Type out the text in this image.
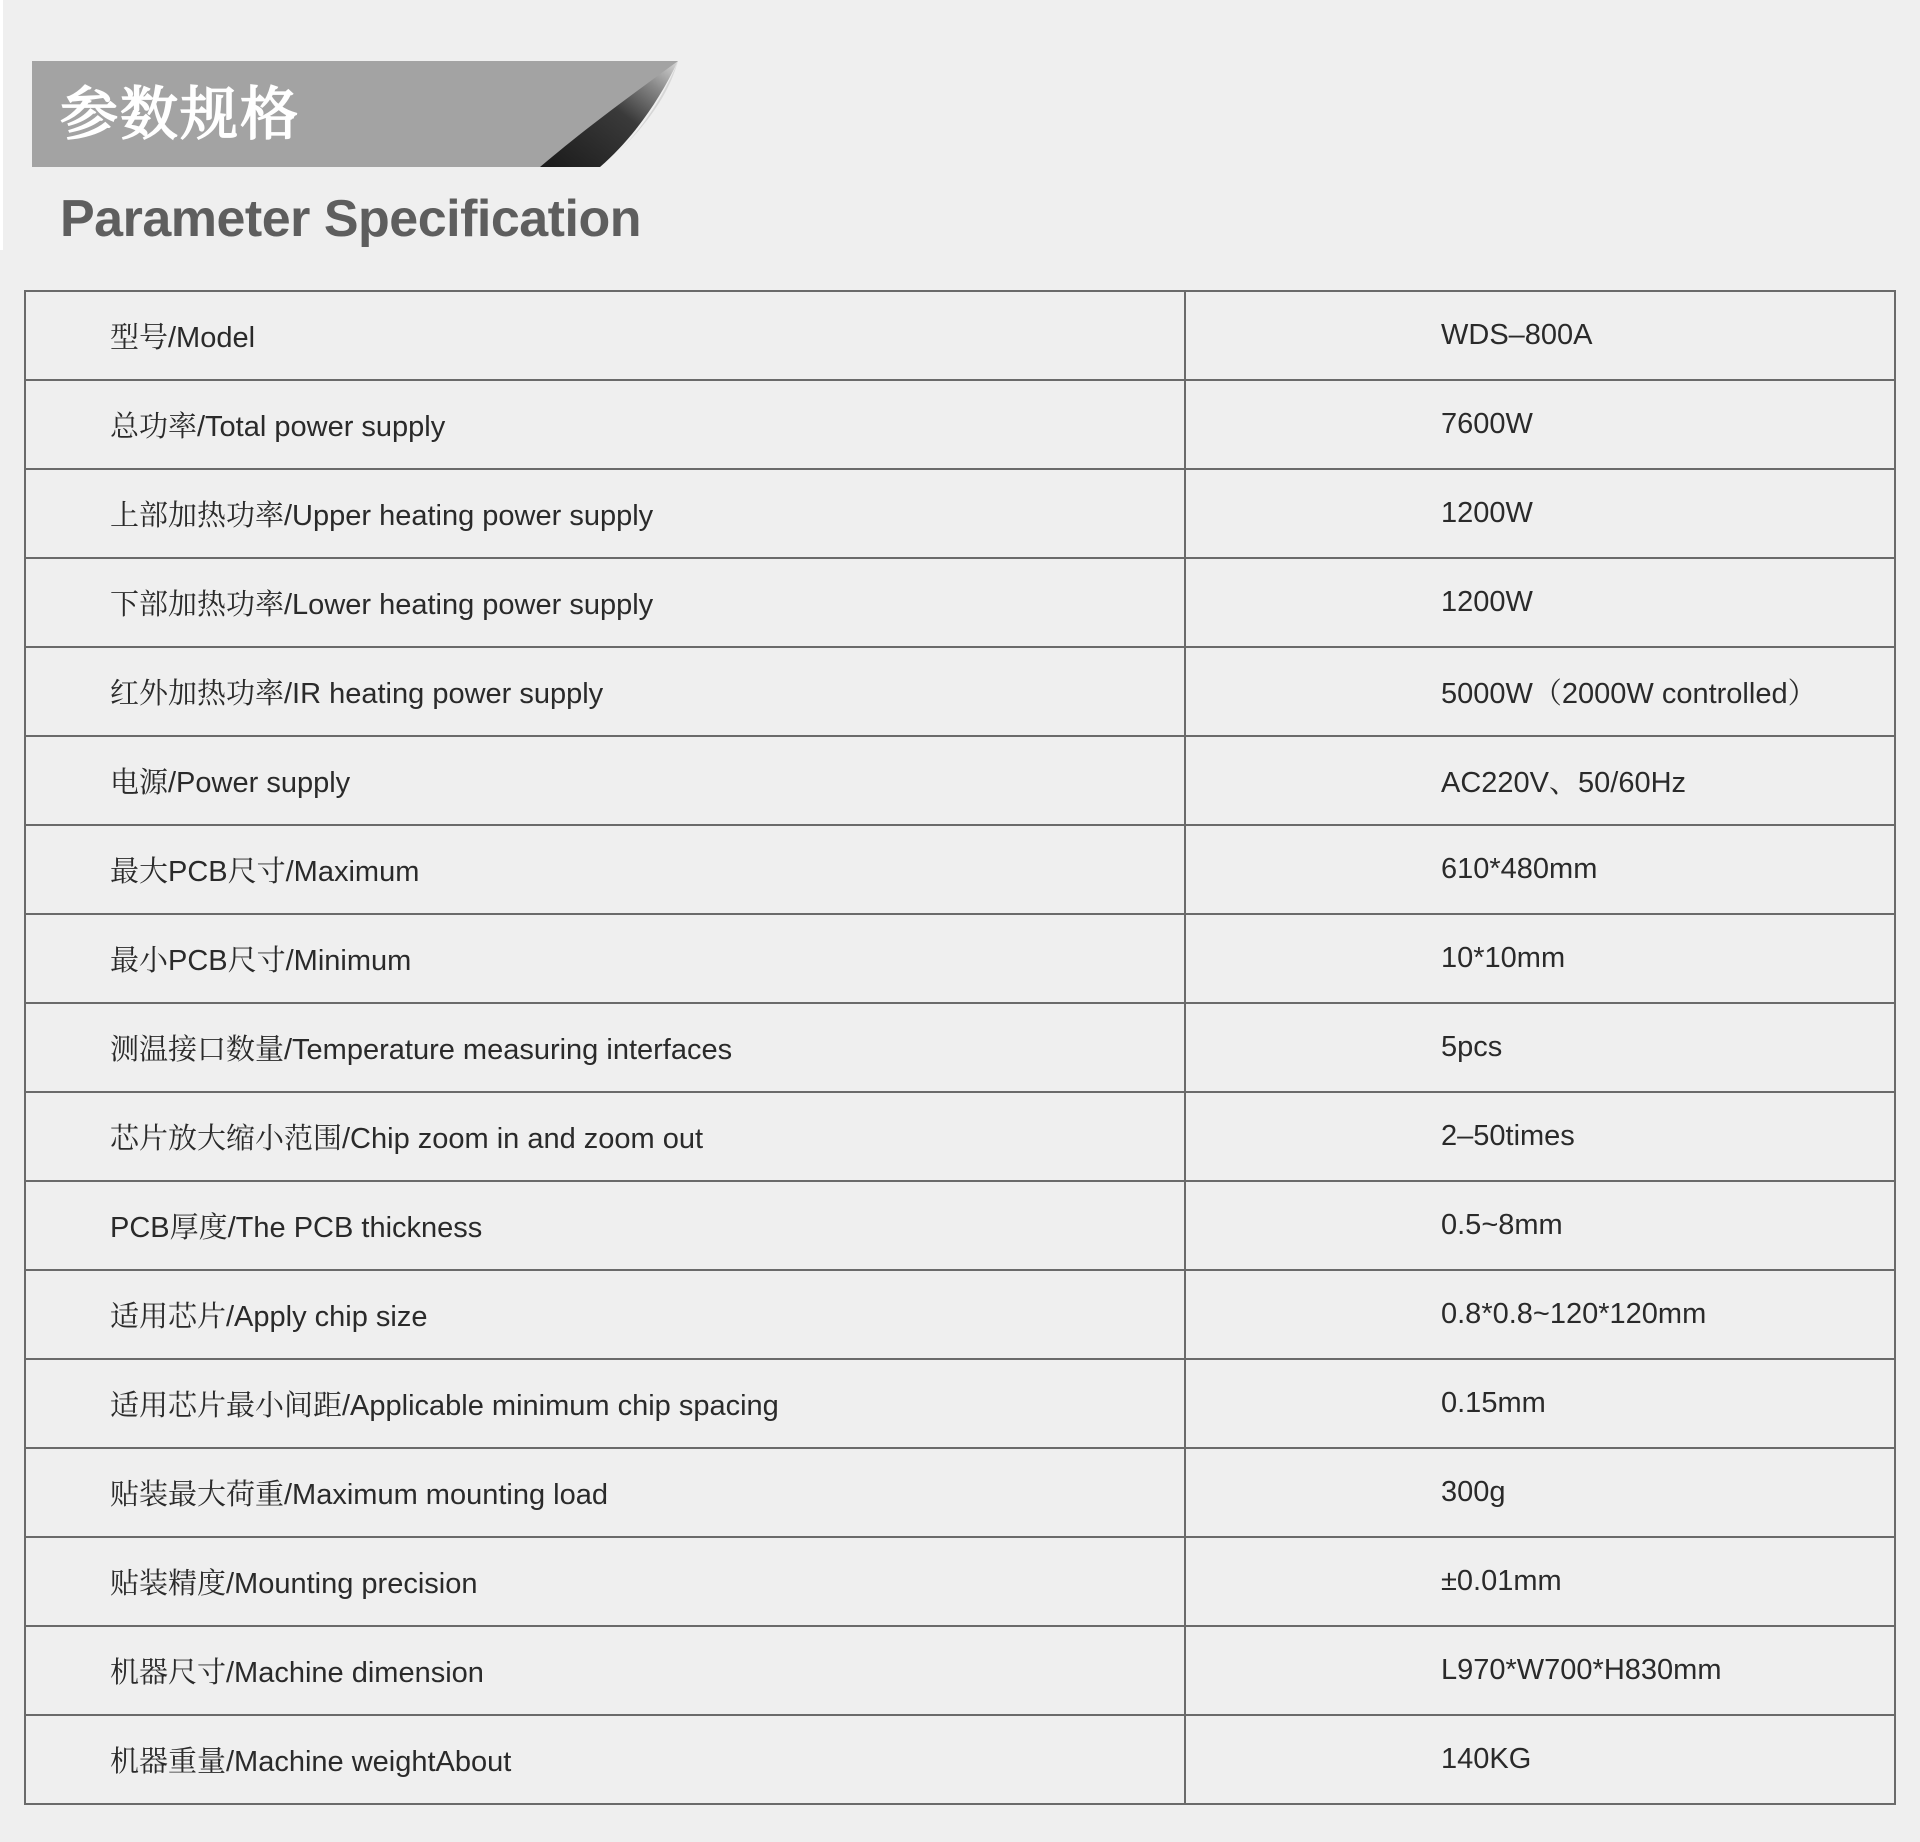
参数规格
Parameter Specification
型号/Model	WDS–800A
总功率/Total power supply	7600W
上部加热功率/Upper heating power supply	1200W
下部加热功率/Lower heating power supply	1200W
红外加热功率/IR heating power supply	5000W（2000W controlled）
电源/Power supply	AC220V、50/60Hz
最大PCB尺寸/Maximum	610*480mm
最小PCB尺寸/Minimum	10*10mm
测温接口数量/Temperature measuring interfaces	5pcs
芯片放大缩小范围/Chip zoom in and zoom out	2–50times
PCB厚度/The PCB thickness	0.5~8mm
适用芯片/Apply chip size	0.8*0.8~120*120mm
适用芯片最小间距/Applicable minimum chip spacing	0.15mm
贴装最大荷重/Maximum mounting load	300g
贴装精度/Mounting precision	±0.01mm
机器尺寸/Machine dimension	L970*W700*H830mm
机器重量/Machine weightAbout	140KG
